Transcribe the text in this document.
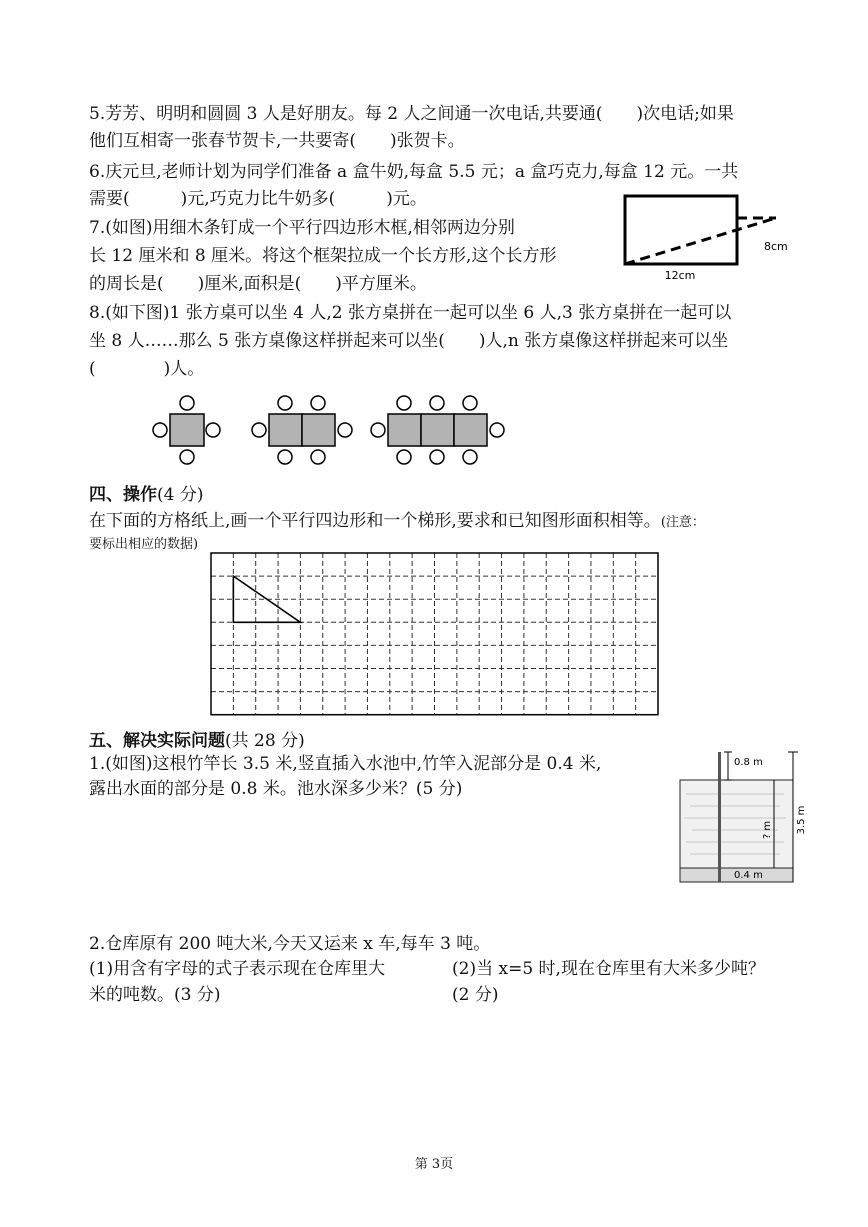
5.芳芳、明明和圆圆 3 人是好朋友。每 2 人之间通一次电话,共要通(　　)次电话;如果
他们互相寄一张春节贺卡,一共要寄(　　)张贺卡。
6.庆元旦,老师计划为同学们准备 a 盒牛奶,每盒 5.5 元；a 盒巧克力,每盒 12 元。一共
需要(　　　)元,巧克力比牛奶多(　　　)元。
7.(如图)用细木条钉成一个平行四边形木框,相邻两边分别
长 12 厘米和 8 厘米。将这个框架拉成一个长方形,这个长方形
的周长是(　　)厘米,面积是(　　)平方厘米。	12cm
8cm
8.(如下图)1 张方桌可以坐 4 人,2 张方桌拼在一起可以坐 6 人,3 张方桌拼在一起可以
坐 8 人……那么 5 张方桌像这样拼起来可以坐(　　)人,n 张方桌像这样拼起来可以坐
(　　　　)人。
四、操作(4 分)
在下面的方格纸上,画一个平行四边形和一个梯形,要求和已知图形面积相等。(注意：
要标出相应的数据)
五、解决实际问题(共 28 分)
1.(如图)这根竹竿长 3.5 米,竖直插入水池中,竹竿入泥部分是 0.4 米,
露出水面的部分是 0.8 米。池水深多少米？(5 分)
0.8 m
? m 3.5 m
0.4 m
2.仓库原有 200 吨大米,今天又运来 x 车,每车 3 吨。
(1)用含有字母的式子表示现在仓库里大
米的吨数。(3 分)
(2)当 x=5 时,现在仓库里有大米多少吨？
(2 分)
第 3页
